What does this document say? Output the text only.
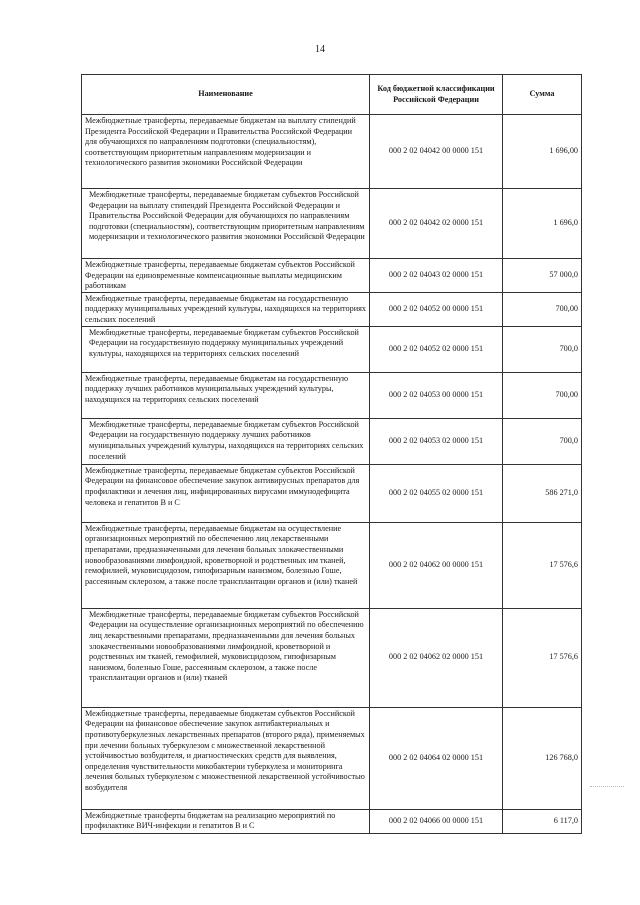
14
Наименование	Код бюджетной классификации Российской Федерации	Сумма
Межбюджетные трансферты, передаваемые бюджетам на выплату стипендий Президента Российской Федерации и Правительства Российской Федерации для обучающихся по направлениям подготовки (специальностям), соответствующим приоритетным направлениям модернизации и технологического развития экономики Российской Федерации	000 2 02 04042 00 0000 151	1 696,00
Межбюджетные трансферты, передаваемые бюджетам субъектов Российской Федерации на выплату стипендий Президента Российской Федерации и Правительства Российской Федерации для обучающихся по направлениям подготовки (специальностям), соответствующим приоритетным направлениям модернизации и технологического развития экономики Российской Федерации	000 2 02 04042 02 0000 151	1 696,0
Межбюджетные трансферты, передаваемые бюджетам субъектов Российской Федерации на единовременные компенсационные выплаты медицинским работникам	000 2 02 04043 02 0000 151	57 000,0
Межбюджетные трансферты, передаваемые бюджетам на государственную поддержку муниципальных учреждений культуры, находящихся на территориях сельских поселений	000 2 02 04052 00 0000 151	700,00
Межбюджетные трансферты, передаваемые бюджетам субъектов Российской Федерации на государственную поддержку муниципальных учреждений культуры, находящихся на территориях сельских поселений	000 2 02 04052 02 0000 151	700,0
Межбюджетные трансферты, передаваемые бюджетам на государственную поддержку лучших работников муниципальных учреждений культуры, находящихся на территориях сельских поселений	000 2 02 04053 00 0000 151	700,00
Межбюджетные трансферты, передаваемые бюджетам субъектов Российской Федерации на государственную поддержку лучших работников муниципальных учреждений культуры, находящихся на территориях сельских поселений	000 2 02 04053 02 0000 151	700,0
Межбюджетные трансферты, передаваемые бюджетам субъектов Российской Федерации на финансовое обеспечение закупок антивирусных препаратов для профилактики и лечения лиц, инфицированных вирусами иммунодефицита человека и гепатитов В и С	000 2 02 04055 02 0000 151	586 271,0
Межбюджетные трансферты, передаваемые бюджетам на осуществление организационных мероприятий по обеспечению лиц лекарственными препаратами, предназначенными для лечения больных злокачественными новообразованиями лимфоидной, кроветворной и родственных им тканей, гемофилией, муковисцидозом, гипофизарным нанизмом, болезнью Гоше, рассеянным склерозом, а также после трансплантации органов и (или) тканей	000 2 02 04062 00 0000 151	17 576,6
Межбюджетные трансферты, передаваемые бюджетам субъектов Российской Федерации на осуществление организационных мероприятий по обеспечению лиц лекарственными препаратами, предназначенными для лечения больных злокачественными новообразованиями лимфоидной, кроветворной и родственных им тканей, гемофилией, муковисцидозом, гипофизарным нанизмом, болезнью Гоше, рассеянным склерозом, а также после трансплантации органов и (или) тканей	000 2 02 04062 02 0000 151	17 576,6
Межбюджетные трансферты, передаваемые бюджетам субъектов Российской Федерации на финансовое обеспечение закупок антибактериальных и противотуберкулезных лекарственных препаратов (второго ряда), применяемых при лечении больных туберкулезом с множественной лекарственной устойчивостью возбудителя, и диагностических средств для выявления, определения чувствительности микобактерии туберкулеза и мониторинга лечения больных туберкулезом с множественной лекарственной устойчивостью возбудителя	000 2 02 04064 02 0000 151	126 768,0
Межбюджетные трансферты бюджетам на реализацию мероприятий по профилактике ВИЧ-инфекции и гепатитов В и С	000 2 02 04066 00 0000 151	6 117,0
